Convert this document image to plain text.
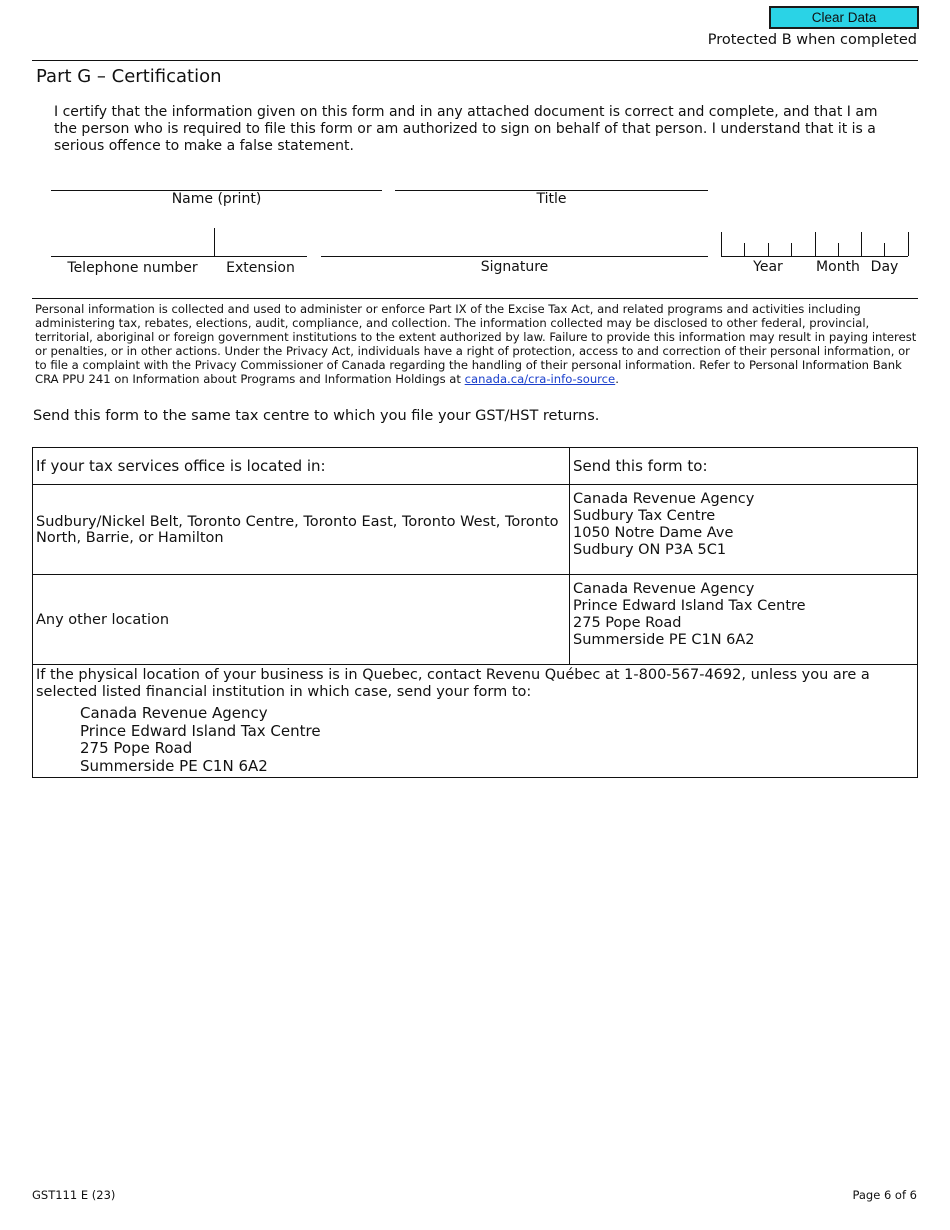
Clear Data
Protected B when completed
Part G – Certification
I certify that the information given on this form and in any attached document is correct and complete, and that I am the person who is required to file this form or am authorized to sign on behalf of that person. I understand that it is a serious offence to make a false statement.
Name (print)	Title
Telephone number	Extension	Signature	Year	Month Day
Personal information is collected and used to administer or enforce Part IX of the Excise Tax Act, and related programs and activities including administering tax, rebates, elections, audit, compliance, and collection. The information collected may be disclosed to other federal, provincial, territorial, aboriginal or foreign government institutions to the extent authorized by law. Failure to provide this information may result in paying interest or penalties, or in other actions. Under the Privacy Act, individuals have a right of protection, access to and correction of their personal information, or to file a complaint with the Privacy Commissioner of Canada regarding the handling of their personal information. Refer to Personal Information Bank CRA PPU 241 on Information about Programs and Information Holdings at canada.ca/cra-info-source.
Send this form to the same tax centre to which you file your GST/HST returns.
If your tax services office is located in:	Send this form to:
Sudbury/Nickel Belt, Toronto Centre, Toronto East, Toronto West, Toronto North, Barrie, or Hamilton	Canada Revenue Agency
Sudbury Tax Centre
1050 Notre Dame Ave
Sudbury ON P3A 5C1

Any other location	Canada Revenue Agency
Prince Edward Island Tax Centre
275 Pope Road
Summerside PE C1N 6A2

If the physical location of your business is in Quebec, contact Revenu Québec at 1-800-567-4692, unless you are a selected listed financial institution in which case, send your form to:
Canada Revenue Agency
Prince Edward Island Tax Centre
275 Pope Road
Summerside PE C1N 6A2	
GST111 E (23)	Page 6 of 6
